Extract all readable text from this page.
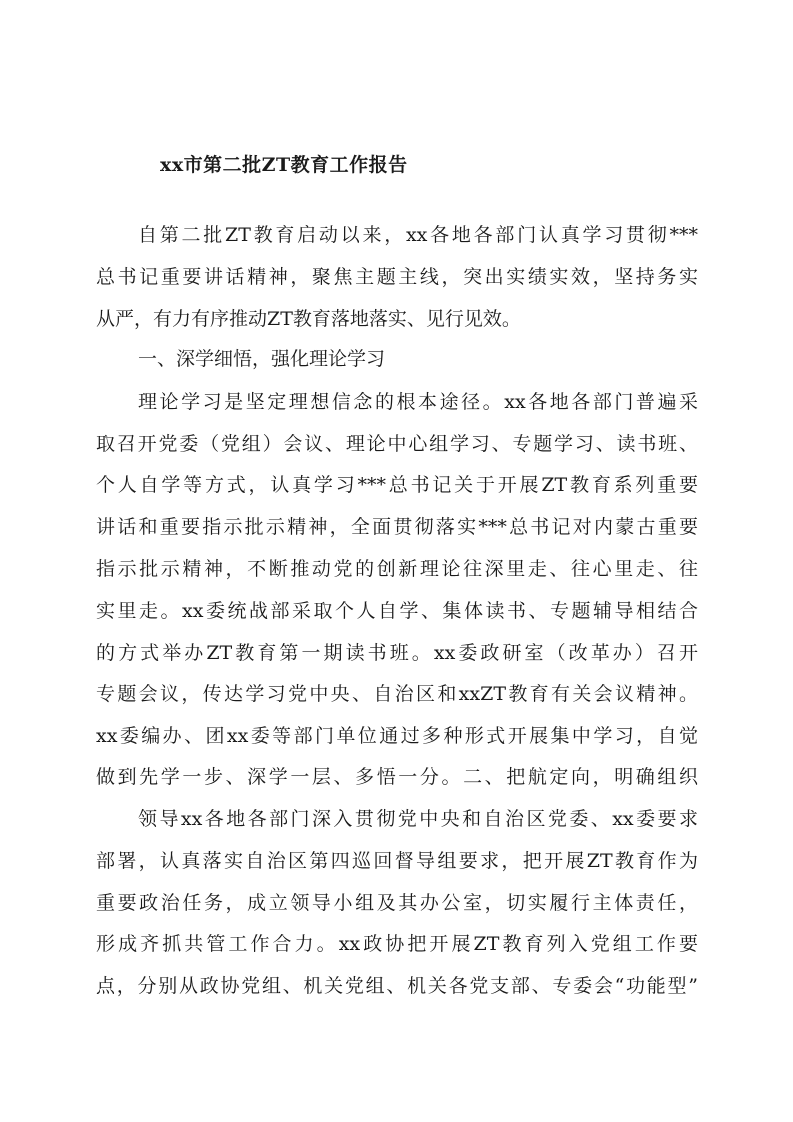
xx市第二批ZT教育工作报告
自第二批ZT教育启动以来，xx各地各部门认真学习贯彻***
总书记重要讲话精神，聚焦主题主线，突出实绩实效，坚持务实
从严，有力有序推动ZT教育落地落实、见行见效。
一、深学细悟，强化理论学习
理论学习是坚定理想信念的根本途径。xx各地各部门普遍采
取召开党委（党组）会议、理论中心组学习、专题学习、读书班、
个人自学等方式，认真学习***总书记关于开展ZT教育系列重要
讲话和重要指示批示精神，全面贯彻落实***总书记对内蒙古重要
指示批示精神，不断推动党的创新理论往深里走、往心里走、往
实里走。xx委统战部采取个人自学、集体读书、专题辅导相结合
的方式举办ZT教育第一期读书班。xx委政研室（改革办）召开
专题会议，传达学习党中央、自治区和xxZT教育有关会议精神。
xx委编办、团xx委等部门单位通过多种形式开展集中学习，自觉
做到先学一步、深学一层、多悟一分。二、把航定向，明确组织
领导xx各地各部门深入贯彻党中央和自治区党委、xx委要求
部署，认真落实自治区第四巡回督导组要求，把开展ZT教育作为
重要政治任务，成立领导小组及其办公室，切实履行主体责任，
形成齐抓共管工作合力。xx政协把开展ZT教育列入党组工作要
点，分别从政协党组、机关党组、机关各党支部、专委会“功能型”
